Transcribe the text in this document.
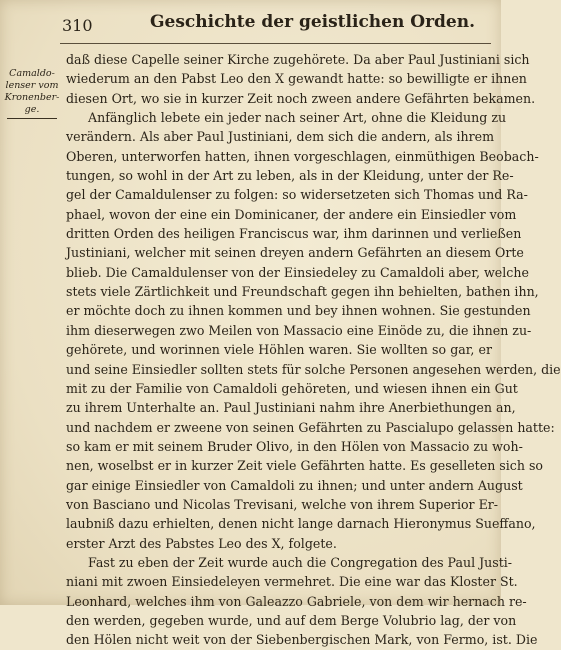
310	Geschichte der geistlichen Orden.
Camaldo-
lenser vom
Kronenber-
ge.
daß diese Capelle seiner Kirche zugehörete. Da aber Paul Justiniani sich
wiederum an den Pabst Leo den X gewandt hatte: so bewilligte er ihnen
diesen Ort, wo sie in kurzer Zeit noch zween andere Gefährten bekamen.
Anfänglich lebete ein jeder nach seiner Art, ohne die Kleidung zu
verändern. Als aber Paul Justiniani, dem sich die andern, als ihrem
Oberen, unterworfen hatten, ihnen vorgeschlagen, einmüthigen Beobach-
tungen, so wohl in der Art zu leben, als in der Kleidung, unter der Re-
gel der Camaldulenser zu folgen: so widersetzeten sich Thomas und Ra-
phael, wovon der eine ein Dominicaner, der andere ein Einsiedler vom
dritten Orden des heiligen Franciscus war, ihm darinnen und verließen
Justiniani, welcher mit seinen dreyen andern Gefährten an diesem Orte
blieb. Die Camaldulenser von der Einsiedeley zu Camaldoli aber, welche
stets viele Zärtlichkeit und Freundschaft gegen ihn behielten, bathen ihn,
er möchte doch zu ihnen kommen und bey ihnen wohnen. Sie gestunden
ihm dieserwegen zwo Meilen von Massacio eine Einöde zu, die ihnen zu-
gehörete, und worinnen viele Höhlen waren. Sie wollten so gar, er
und seine Einsiedler sollten stets für solche Personen angesehen werden, die
mit zu der Familie von Camaldoli gehöreten, und wiesen ihnen ein Gut
zu ihrem Unterhalte an. Paul Justiniani nahm ihre Anerbiethungen an,
und nachdem er zweene von seinen Gefährten zu Pascialupo gelassen hatte:
so kam er mit seinem Bruder Olivo, in den Hölen von Massacio zu woh-
nen, woselbst er in kurzer Zeit viele Gefährten hatte. Es geselleten sich so
gar einige Einsiedler von Camaldoli zu ihnen; und unter andern August
von Basciano und Nicolas Trevisani, welche von ihrem Superior Er-
laubniß dazu erhielten, denen nicht lange darnach Hieronymus Sueffano,
erster Arzt des Pabstes Leo des X, folgete.
Fast zu eben der Zeit wurde auch die Congregation des Paul Justi-
niani mit zwoen Einsiedeleyen vermehret. Die eine war das Kloster St.
Leonhard, welches ihm von Galeazzo Gabriele, von dem wir hernach re-
den werden, gegeben wurde, und auf dem Berge Volubrio lag, der von
den Hölen nicht weit von der Siebenbergischen Mark, von Fermo, ist. Die
